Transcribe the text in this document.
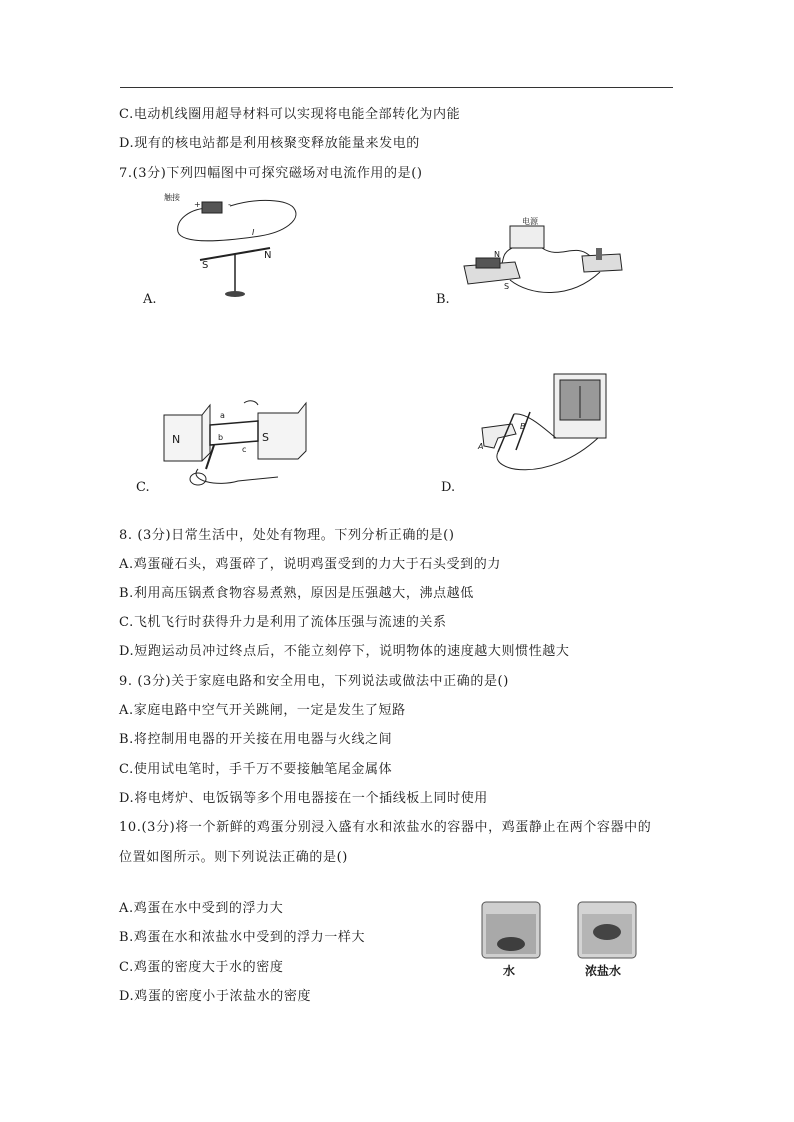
C.电动机线圈用超导材料可以实现将电能全部转化为内能
D.现有的核电站都是利用核聚变释放能量来发电的
7.(3分)下列四幅图中可探究磁场对电流作用的是()
触接
+	-
I
S
N
A.
电源
N
S
B.
N	S
a
b
c
C.
B
A
D.
8. (3分)日常生活中，处处有物理。下列分析正确的是()
A.鸡蛋碰石头，鸡蛋碎了，说明鸡蛋受到的力大于石头受到的力
B.利用高压锅煮食物容易煮熟，原因是压强越大，沸点越低
C.飞机飞行时获得升力是利用了流体压强与流速的关系
D.短跑运动员冲过终点后，不能立刻停下，说明物体的速度越大则惯性越大
9. (3分)关于家庭电路和安全用电，下列说法或做法中正确的是()
A.家庭电路中空气开关跳闸，一定是发生了短路
B.将控制用电器的开关接在用电器与火线之间
C.使用试电笔时，手千万不要接触笔尾金属体
D.将电烤炉、电饭锅等多个用电器接在一个插线板上同时使用
10.(3分)将一个新鲜的鸡蛋分别浸入盛有水和浓盐水的容器中，鸡蛋静止在两个容器中的
位置如图所示。则下列说法正确的是()
A.鸡蛋在水中受到的浮力大
B.鸡蛋在水和浓盐水中受到的浮力一样大
C.鸡蛋的密度大于水的密度
D.鸡蛋的密度小于浓盐水的密度
水	浓盐水
